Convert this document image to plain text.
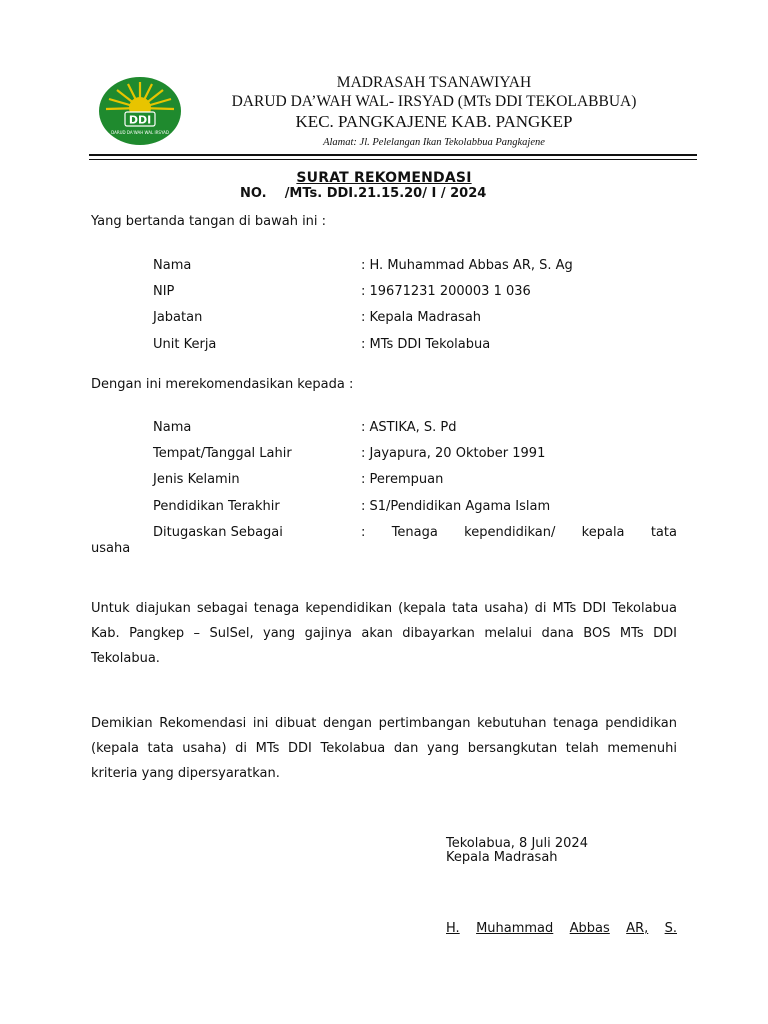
DDI
DARUD DA'WAH WAL IRSYAD
MADRASAH TSANAWIYAH
DARUD DA’WAH WAL- IRSYAD (MTs DDI TEKOLABBUA)
KEC. PANGKAJENE KAB. PANGKEP
Alamat: Jl. Pelelangan Ikan Tekolabbua Pangkajene
SURAT REKOMENDASI
NO.    /MTs. DDI.21.15.20/ I / 2024
Yang bertanda tangan di bawah ini :
Nama	: H. Muhammad Abbas AR, S. Ag
NIP	: 19671231 200003 1 036
Jabatan	: Kepala Madrasah
Unit Kerja	: MTs DDI Tekolabua
Dengan ini merekomendasikan kepada :
Nama	: ASTIKA, S. Pd
Tempat/Tanggal Lahir	: Jayapura, 20 Oktober 1991
Jenis Kelamin	: Perempuan
Pendidikan Terakhir	: S1/Pendidikan Agama Islam
Ditugaskan Sebagai	: Tenaga kependidikan/ kepala tata
usaha
Untuk diajukan sebagai tenaga kependidikan (kepala tata usaha) di MTs DDI Tekolabua Kab. Pangkep – SulSel, yang gajinya akan dibayarkan melalui dana BOS MTs DDI Tekolabua.
Demikian Rekomendasi ini dibuat dengan pertimbangan kebutuhan tenaga pendidikan (kepala tata usaha) di MTs DDI Tekolabua dan yang bersangkutan telah memenuhi kriteria yang dipersyaratkan.
Tekolabua, 8 Juli 2024
Kepala Madrasah
H. Muhammad Abbas AR, S.
